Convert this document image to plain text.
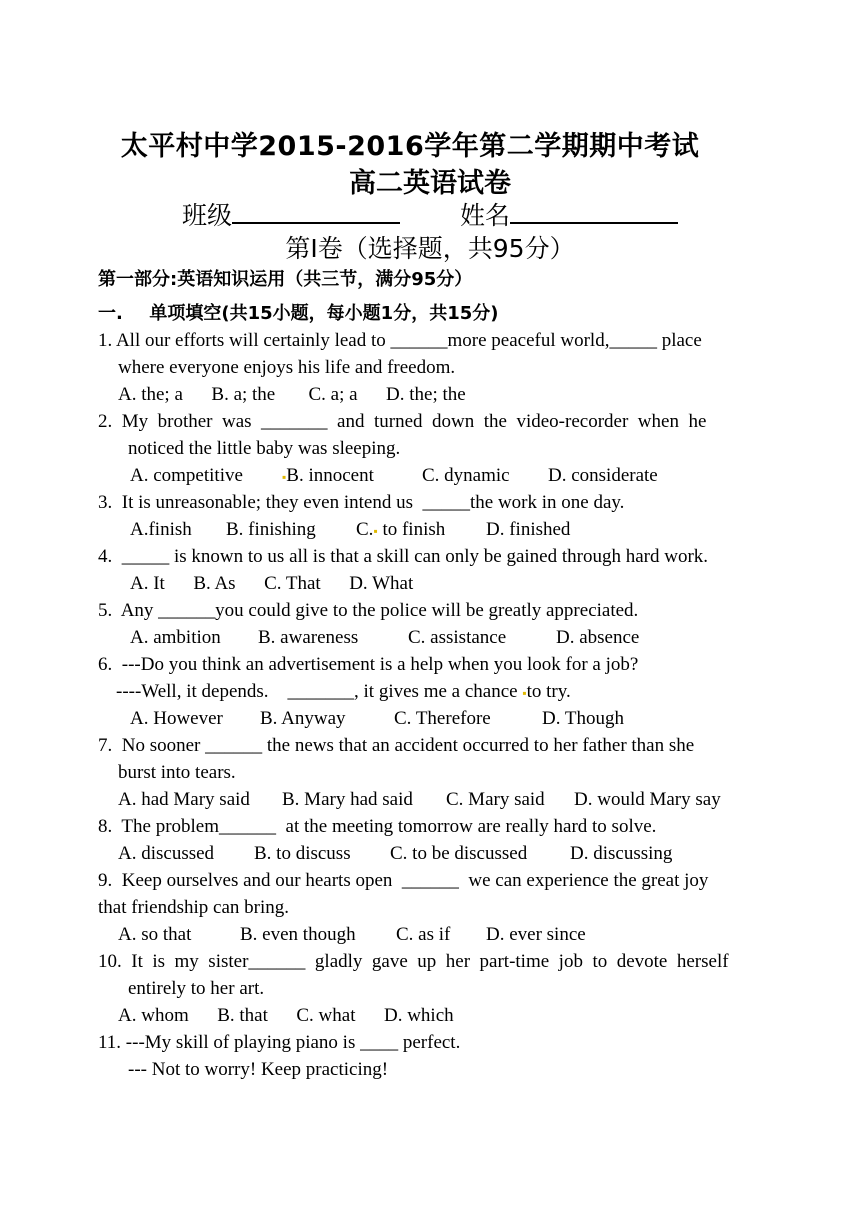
太平村中学2015-2016学年第二学期期中考试
高二英语试卷
班级	姓名
第Ⅰ卷（选择题，共95分）
第一部分:英语知识运用（共三节，满分95分）
一. 单项填空(共15小题，每小题1分，共15分)
1. All our efforts will certainly lead to ______more peaceful world,_____ place
where everyone enjoys his life and freedom.
A. the; a      B. a; the       C. a; a      D. the; the
2.  My  brother  was  _______  and  turned  down  the  video-recorder  when  he
noticed the little baby was sleeping.
A. competitive	▪B. innocent	C. dynamic D. considerate
3.  It is unreasonable; they even intend us  _____the work in one day.
A.finish B. finishing C.▪ to finish D. finished
4.  _____ is known to us all is that a skill can only be gained through hard work.
A. It      B. As      C. That      D. What
5.  Any ______you could give to the police will be greatly appreciated.
A. ambition B. awareness	C. assistance	D. absence
6.  ---Do you think an advertisement is a help when you look for a job?
----Well, it depends.    _______, it gives me a chance ▪to try.
A. However B. Anyway	C. Therefore	D. Though
7.  No sooner ______ the news that an accident occurred to her father than she
burst into tears.
A. had Mary said B. Mary had said C. Mary said D. would Mary say
8.  The problem______  at the meeting tomorrow are really hard to solve.
A. discussed B. to discuss C. to be discussed D. discussing
9.  Keep ourselves and our hearts open  ______  we can experience the great joy
that friendship can bring.
A. so that	B. even though C. as if D. ever since
10.  It  is  my  sister______  gladly  gave  up  her  part-time  job  to  devote  herself
entirely to her art.
A. whom      B. that      C. what      D. which
11. ---My skill of playing piano is ____ perfect.
--- Not to worry! Keep practicing!
